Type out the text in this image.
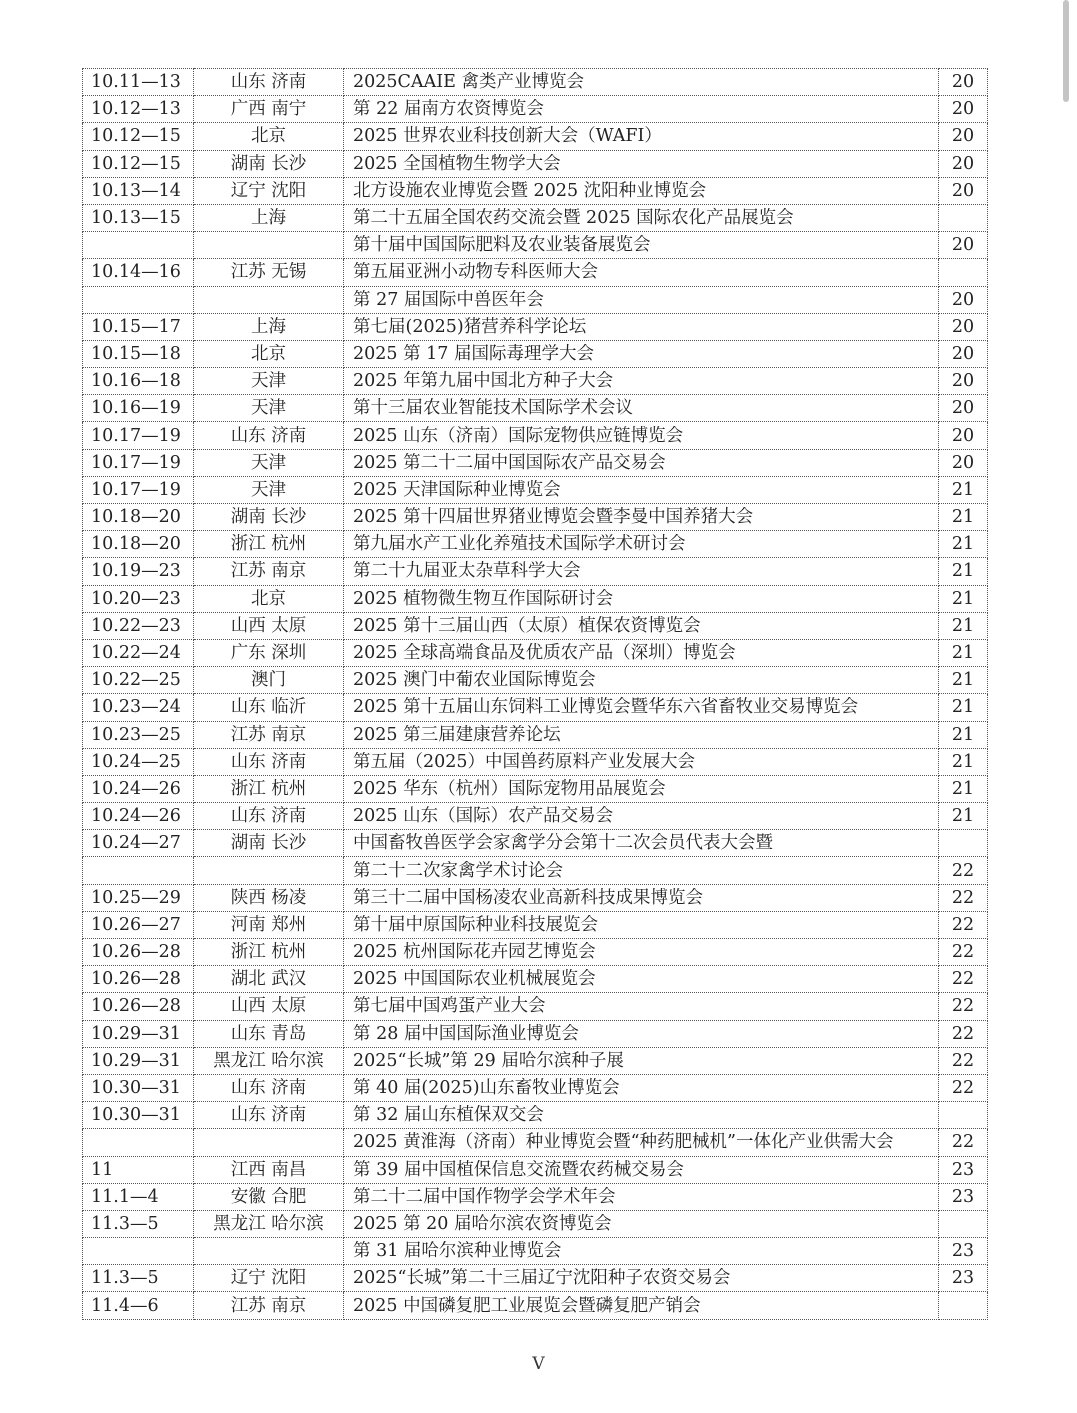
10.11—13	山东 济南	2025CAAIE 禽类产业博览会	20
10.12—13	广西 南宁	第 22 届南方农资博览会	20
10.12—15	北京	2025 世界农业科技创新大会（WAFI）	20
10.12—15	湖南 长沙	2025 全国植物生物学大会	20
10.13—14	辽宁 沈阳	北方设施农业博览会暨 2025 沈阳种业博览会	20
10.13—15	上海	第二十五届全国农药交流会暨 2025 国际农化产品展览会	
		第十届中国国际肥料及农业装备展览会	20
10.14—16	江苏 无锡	第五届亚洲小动物专科医师大会	
		第 27 届国际中兽医年会	20
10.15—17	上海	第七届(2025)猪营养科学论坛	20
10.15—18	北京	2025 第 17 届国际毒理学大会	20
10.16—18	天津	2025 年第九届中国北方种子大会	20
10.16—19	天津	第十三届农业智能技术国际学术会议	20
10.17—19	山东 济南	2025 山东（济南）国际宠物供应链博览会	20
10.17—19	天津	2025 第二十二届中国国际农产品交易会	20
10.17—19	天津	2025 天津国际种业博览会	21
10.18—20	湖南 长沙	2025 第十四届世界猪业博览会暨李曼中国养猪大会	21
10.18—20	浙江 杭州	第九届水产工业化养殖技术国际学术研讨会	21
10.19—23	江苏 南京	第二十九届亚太杂草科学大会	21
10.20—23	北京	2025 植物微生物互作国际研讨会	21
10.22—23	山西 太原	2025 第十三届山西（太原）植保农资博览会	21
10.22—24	广东 深圳	2025 全球高端食品及优质农产品（深圳）博览会	21
10.22—25	澳门	2025 澳门中葡农业国际博览会	21
10.23—24	山东 临沂	2025 第十五届山东饲料工业博览会暨华东六省畜牧业交易博览会	21
10.23—25	江苏 南京	2025 第三届建康营养论坛	21
10.24—25	山东 济南	第五届（2025）中国兽药原料产业发展大会	21
10.24—26	浙江 杭州	2025 华东（杭州）国际宠物用品展览会	21
10.24—26	山东 济南	2025 山东（国际）农产品交易会	21
10.24—27	湖南 长沙	中国畜牧兽医学会家禽学分会第十二次会员代表大会暨	
		第二十二次家禽学术讨论会	22
10.25—29	陕西 杨凌	第三十二届中国杨凌农业高新科技成果博览会	22
10.26—27	河南 郑州	第十届中原国际种业科技展览会	22
10.26—28	浙江 杭州	2025 杭州国际花卉园艺博览会	22
10.26—28	湖北 武汉	2025 中国国际农业机械展览会	22
10.26—28	山西 太原	第七届中国鸡蛋产业大会	22
10.29—31	山东 青岛	第 28 届中国国际渔业博览会	22
10.29—31	黑龙江 哈尔滨	2025“长城”第 29 届哈尔滨种子展	22
10.30—31	山东 济南	第 40 届(2025)山东畜牧业博览会	22
10.30—31	山东 济南	第 32 届山东植保双交会	
		2025 黄淮海（济南）种业博览会暨“种药肥械机”一体化产业供需大会	22
11	江西 南昌	第 39 届中国植保信息交流暨农药械交易会	23
11.1—4	安徽 合肥	第二十二届中国作物学会学术年会	23
11.3—5	黑龙江 哈尔滨	2025 第 20 届哈尔滨农资博览会	
		第 31 届哈尔滨种业博览会	23
11.3—5	辽宁 沈阳	2025“长城”第二十三届辽宁沈阳种子农资交易会	23
11.4—6	江苏 南京	2025 中国磷复肥工业展览会暨磷复肥产销会	
V
